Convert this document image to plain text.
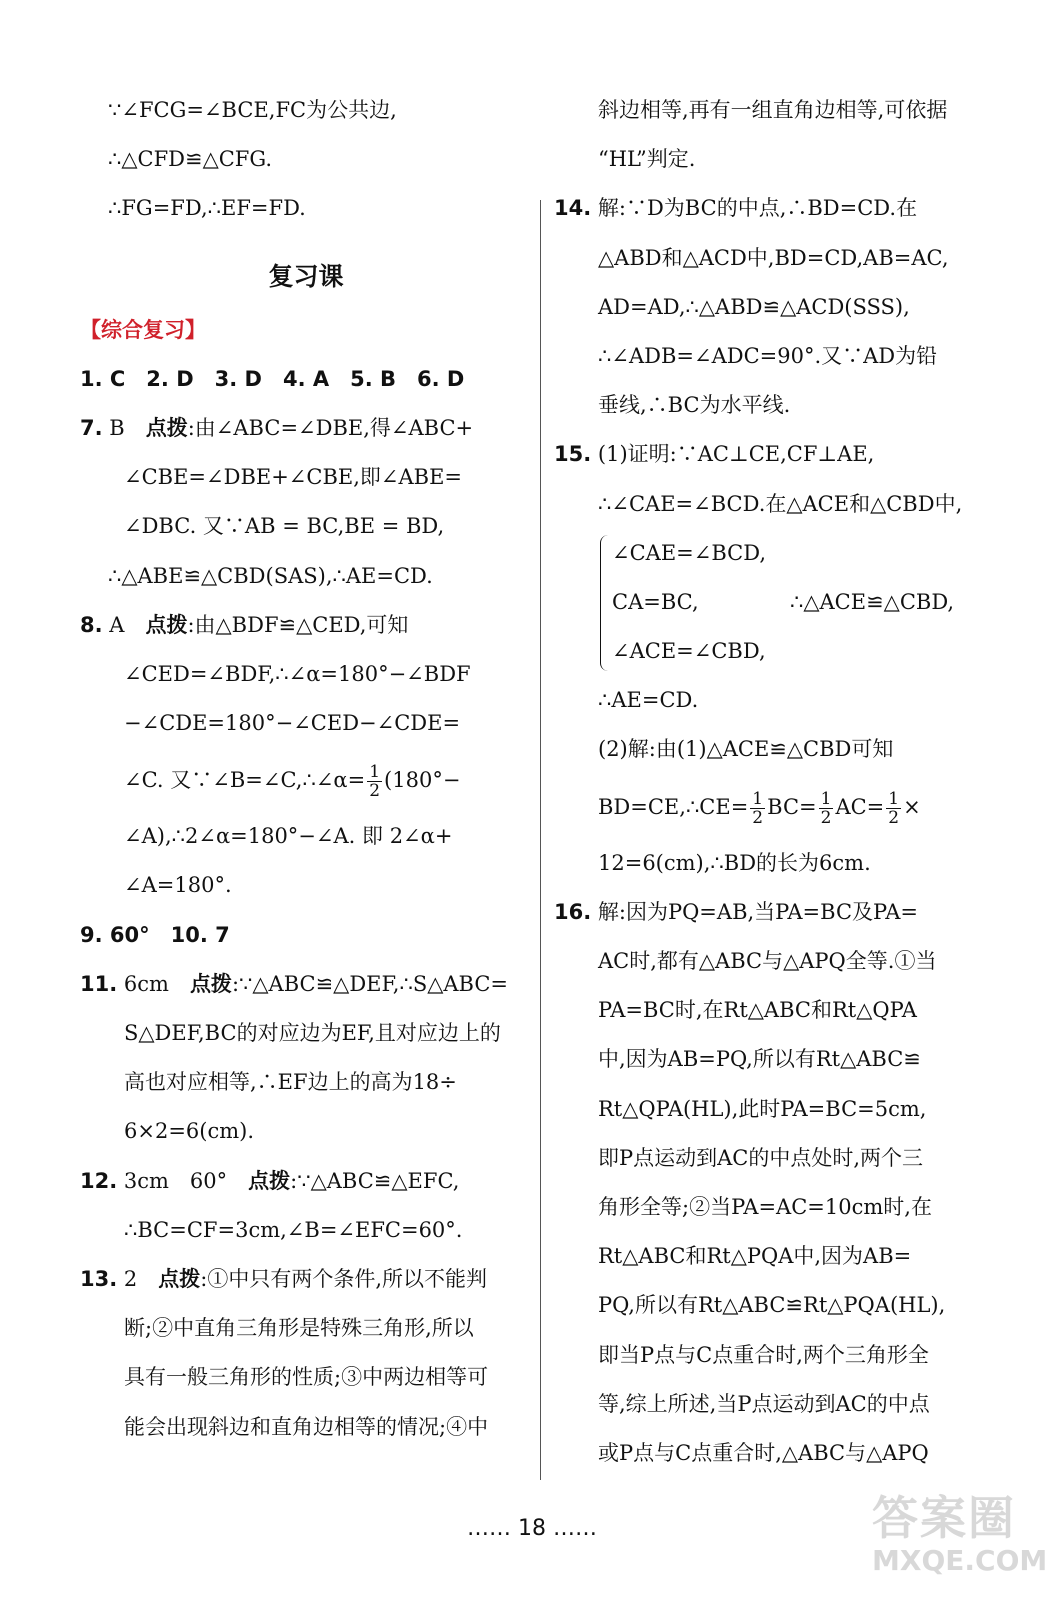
∵∠FCG=∠BCE,FC为公共边,
∴△CFD≌△CFG.
∴FG=FD,∴EF=FD.
复习课
【综合复习】
1. C　2. D　3. D　4. A　5. B　6. D
7. B　点拨:由∠ABC=∠DBE,得∠ABC+
∠CBE=∠DBE+∠CBE,即∠ABE=
∠DBC. 又∵AB = BC,BE = BD,
∴△ABE≌△CBD(SAS),∴AE=CD.
8. A　点拨:由△BDF≌△CED,可知
∠CED=∠BDF,∴∠α=180°−∠BDF
−∠CDE=180°−∠CED−∠CDE=
∠C. 又∵∠B=∠C,∴∠α= $\frac{1}{2} (180^\circ-$
∠A),∴2∠α=180°−∠A. 即 2∠α+
∠A=180°.
9. 60°　10. 7
11. 6cm　点拨:∵△ABC≌△DEF,∴S△ABC=
S△DEF,BC的对应边为EF,且对应边上的
高也对应相等,∴EF边上的高为18÷
6×2=6(cm).
12. 3cm　60°　点拨:∵△ABC≌△EFC,
∴BC=CF=3cm,∠B=∠EFC=60°.
13. 2　点拨:①中只有两个条件,所以不能判
断;②中直角三角形是特殊三角形,所以
具有一般三角形的性质;③中两边相等可
能会出现斜边和直角边相等的情况;④中
斜边相等,再有一组直角边相等,可依据
“HL”判定.
14. 解:∵D为BC的中点,∴BD=CD.在
△ABD和△ACD中,BD=CD,AB=AC,
AD=AD,∴△ABD≌△ACD(SSS),
∴∠ADB=∠ADC=90°.又∵AD为铅
垂线,∴BC为水平线.
15. (1)证明:∵AC⊥CE,CF⊥AE,
∴∠CAE=∠BCD.在△ACE和△CBD中,
∠CAE=∠BCD,
CA=BC,
∠ACE=∠CBD,
∴△ACE≌△CBD,
∴AE=CD.
(2)解:由(1)△ACE≌△CBD可知
BD=CE,∴CE= $\frac{1}{2} BC= \frac{1}{2} AC= \frac{1}{2}$ ×
12=6(cm),∴BD的长为6cm.
16. 解:因为PQ=AB,当PA=BC及PA=
AC时,都有△ABC与△APQ全等.①当
PA=BC时,在Rt△ABC和Rt△QPA
中,因为AB=PQ,所以有Rt△ABC≌
Rt△QPA(HL),此时PA=BC=5cm,
即P点运动到AC的中点处时,两个三
角形全等;②当PA=AC=10cm时,在
Rt△ABC和Rt△PQA中,因为AB=
PQ,所以有Rt△ABC≌Rt△PQA(HL),
即当P点与C点重合时,两个三角形全
等,综上所述,当P点运动到AC的中点
或P点与C点重合时,△ABC与△APQ
…… 18 ……	答案圈
MXQE.COM
